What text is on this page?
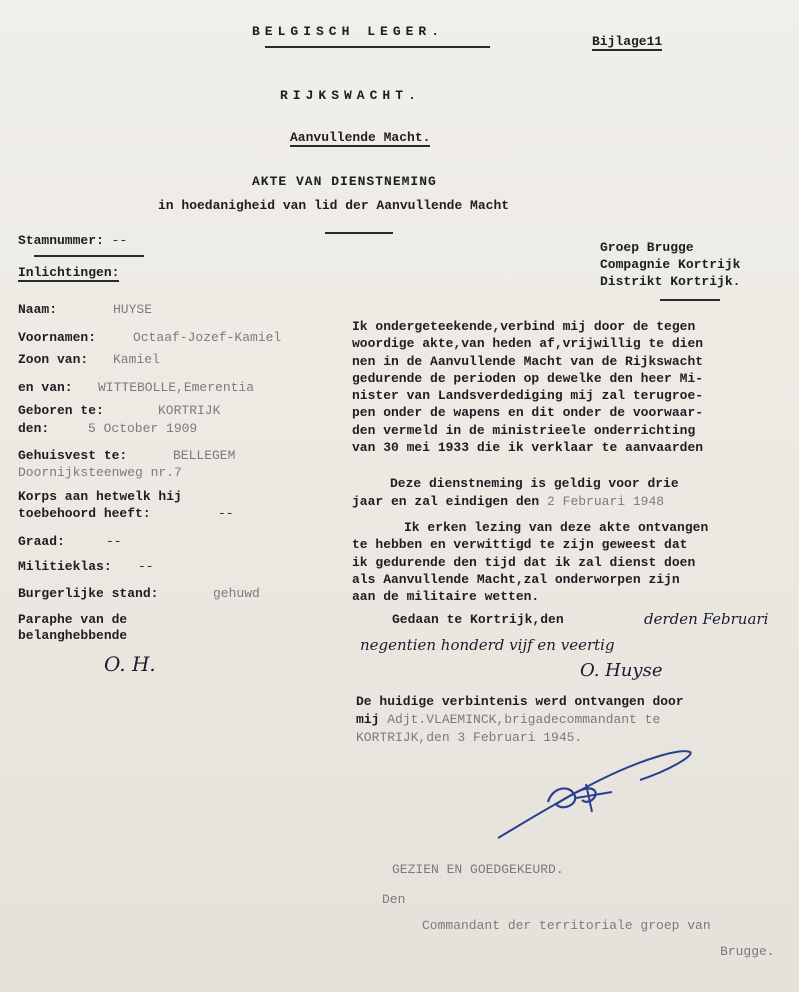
BELGISCH LEGER.
Bijlage11
RIJKSWACHT.
Aanvullende Macht.
AKTE VAN DIENSTNEMING
in hoedanigheid van lid der Aanvullende Macht
Groep Brugge
Compagnie Kortrijk
Distrikt Kortrijk.
Stamnummer: --
Inlichtingen:
Naam:	HUYSE
Voornamen:	Octaaf-Jozef-Kamiel
Zoon van: Kamiel
en van: WITTEBOLLE,Emerentia
Geboren te:	KORTRIJK
den:	5 October 1909
Gehuisvest te:	BELLEGEM
Doornijksteenweg nr.7
Korps aan hetwelk hij
toebehoord heeft:	--
Graad:	--
Militieklas: --
Burgerlijke stand:	gehuwd
Paraphe van de
belanghebbende
O. H.
Ik ondergeteekende,verbind mij door de tegen
woordige akte,van heden af,vrijwillig te dien
nen in de Aanvullende Macht van de Rijkswacht
gedurende de perioden op dewelke den heer Mi-
nister van Landsverdediging mij zal terugroe-
pen onder de wapens en dit onder de voorwaar-
den vermeld in de ministrieele onderrichting
van 30 mei 1933 die ik verklaar te aanvaarden
Deze dienstneming is geldig voor drie
jaar en zal eindigen den 2 Februari 1948
Ik erken lezing van deze akte ontvangen
te hebben en verwittigd te zijn geweest dat
ik gedurende den tijd dat ik zal dienst doen
als Aanvullende Macht,zal onderworpen zijn
aan de militaire wetten.
Gedaan te Kortrijk,den	derden Februari
negentien honderd vijf en veertig
O. Huyse
De huidige verbintenis werd ontvangen door
mij Adjt.VLAEMINCK,brigadecommandant te
KORTRIJK,den 3 Februari 1945.
GEZIEN EN GOEDGEKEURD.
Den
Commandant der territoriale groep van
Brugge.
